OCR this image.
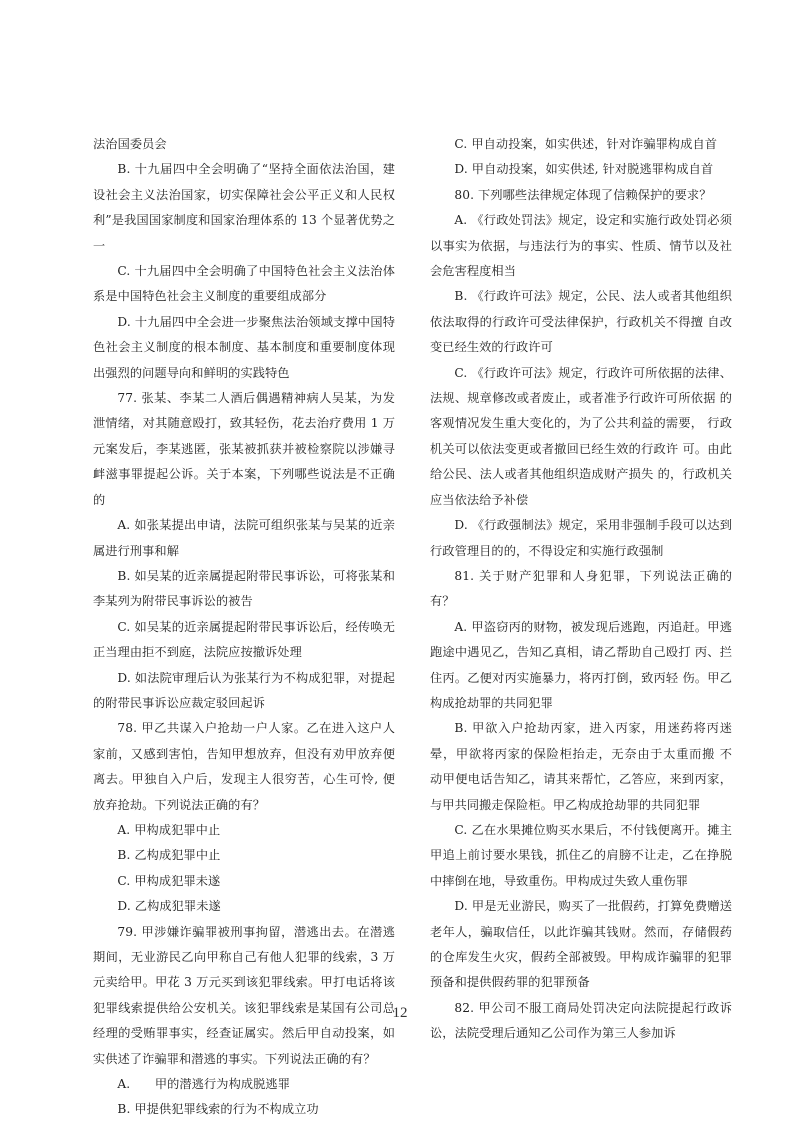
法治国委员会

B. 十九届四中全会明确了“坚持全面依法治国，建设社会主义法治国家，切实保障社会公平正义和人民权利”是我国国家制度和国家治理体系的 13 个显著优势之一

C. 十九届四中全会明确了中国特色社会主义法治体系是中国特色社会主义制度的重要组成部分

D. 十九届四中全会进一步聚焦法治领域支撑中国特色社会主义制度的根本制度、基本制度和重要制度体现出强烈的问题导向和鲜明的实践特色

77. 张某、李某二人酒后偶遇精神病人吴某，为发泄情绪，对其随意殴打，致其轻伤，花去治疗费用 1 万元案发后，李某逃匿，张某被抓获并被检察院以涉嫌寻衅滋事罪提起公诉。关于本案，下列哪些说法是不正确的

A. 如张某提出申请，法院可组织张某与吴某的近亲属进行刑事和解

B. 如吴某的近亲属提起附带民事诉讼，可将张某和李某列为附带民事诉讼的被告

C. 如吴某的近亲属提起附带民事诉讼后，经传唤无正当理由拒不到庭，法院应按撤诉处理

D. 如法院审理后认为张某行为不构成犯罪，对提起的附带民事诉讼应裁定驳回起诉

78. 甲乙共谋入户抢劫一户人家。乙在进入这户人家前，又感到害怕，告知甲想放弃，但没有劝甲放弃便离去。甲独自入户后，发现主人很穷苦，心生可怜, 便放弃抢劫。下列说法正确的有？

A. 甲构成犯罪中止

B. 乙构成犯罪中止

C. 甲构成犯罪未遂

D. 乙构成犯罪未遂

79. 甲涉嫌诈骗罪被刑事拘留，潜逃出去。在潜逃期间，无业游民乙向甲称自己有他人犯罪的线索，3 万元卖给甲。甲花 3 万元买到该犯罪线索。甲打电话将该犯罪线索提供给公安机关。该犯罪线索是某国有公司总经理的受贿罪事实，经查证属实。然后甲自动投案，如实供述了诈骗罪和潜逃的事实。下列说法正确的有？

A.　　甲的潜逃行为构成脱逃罪

B. 甲提供犯罪线索的行为不构成立功

C. 甲自动投案，如实供述，针对诈骗罪构成自首

D. 甲自动投案，如实供述, 针对脱逃罪构成自首

80. 下列哪些法律规定体现了信赖保护的要求？

A. 《行政处罚法》规定，设定和实施行政处罚必须以事实为依据，与违法行为的事实、性质、情节以及社会危害程度相当

B. 《行政许可法》规定，公民、法人或者其他组织依法取得的行政许可受法律保护，行政机关不得擅 自改变已经生效的行政许可

C. 《行政许可法》规定，行政许可所依据的法律、法规、规章修改或者废止，或者准予行政许可所依据 的客观情况发生重大变化的，为了公共利益的需要， 行政机关可以依法变更或者撤回已经生效的行政许 可。由此给公民、法人或者其他组织造成财产损失 的，行政机关应当依法给予补偿

D. 《行政强制法》规定，采用非强制手段可以达到行政管理目的的，不得设定和实施行政强制

81. 关于财产犯罪和人身犯罪，下列说法正确的有？

A. 甲盗窃丙的财物，被发现后逃跑，丙追赶。甲逃跑途中遇见乙，告知乙真相，请乙帮助自己殴打 丙、拦住丙。乙便对丙实施暴力，将丙打倒，致丙轻 伤。甲乙构成抢劫罪的共同犯罪

B. 甲欲入户抢劫丙家，进入丙家，用迷药将丙迷晕，甲欲将丙家的保险柜抬走，无奈由于太重而搬 不 动甲便电话告知乙，请其来帮忙，乙答应，来到丙家，与甲共同搬走保险柜。甲乙构成抢劫罪的共同犯罪

C. 乙在水果摊位购买水果后，不付钱便离开。摊主甲追上前讨要水果钱，抓住乙的肩膀不让走，乙在挣脱中摔倒在地，导致重伤。甲构成过失致人重伤罪

D. 甲是无业游民，购买了一批假药，打算免费赠送老年人，骗取信任，以此诈骗其钱财。然而，存储假药的仓库发生火灾，假药全部被毁。甲构成诈骗罪的犯罪预备和提供假药罪的犯罪预备

82. 甲公司不服工商局处罚决定向法院提起行政诉讼，法院受理后通知乙公司作为第三人参加诉

12
